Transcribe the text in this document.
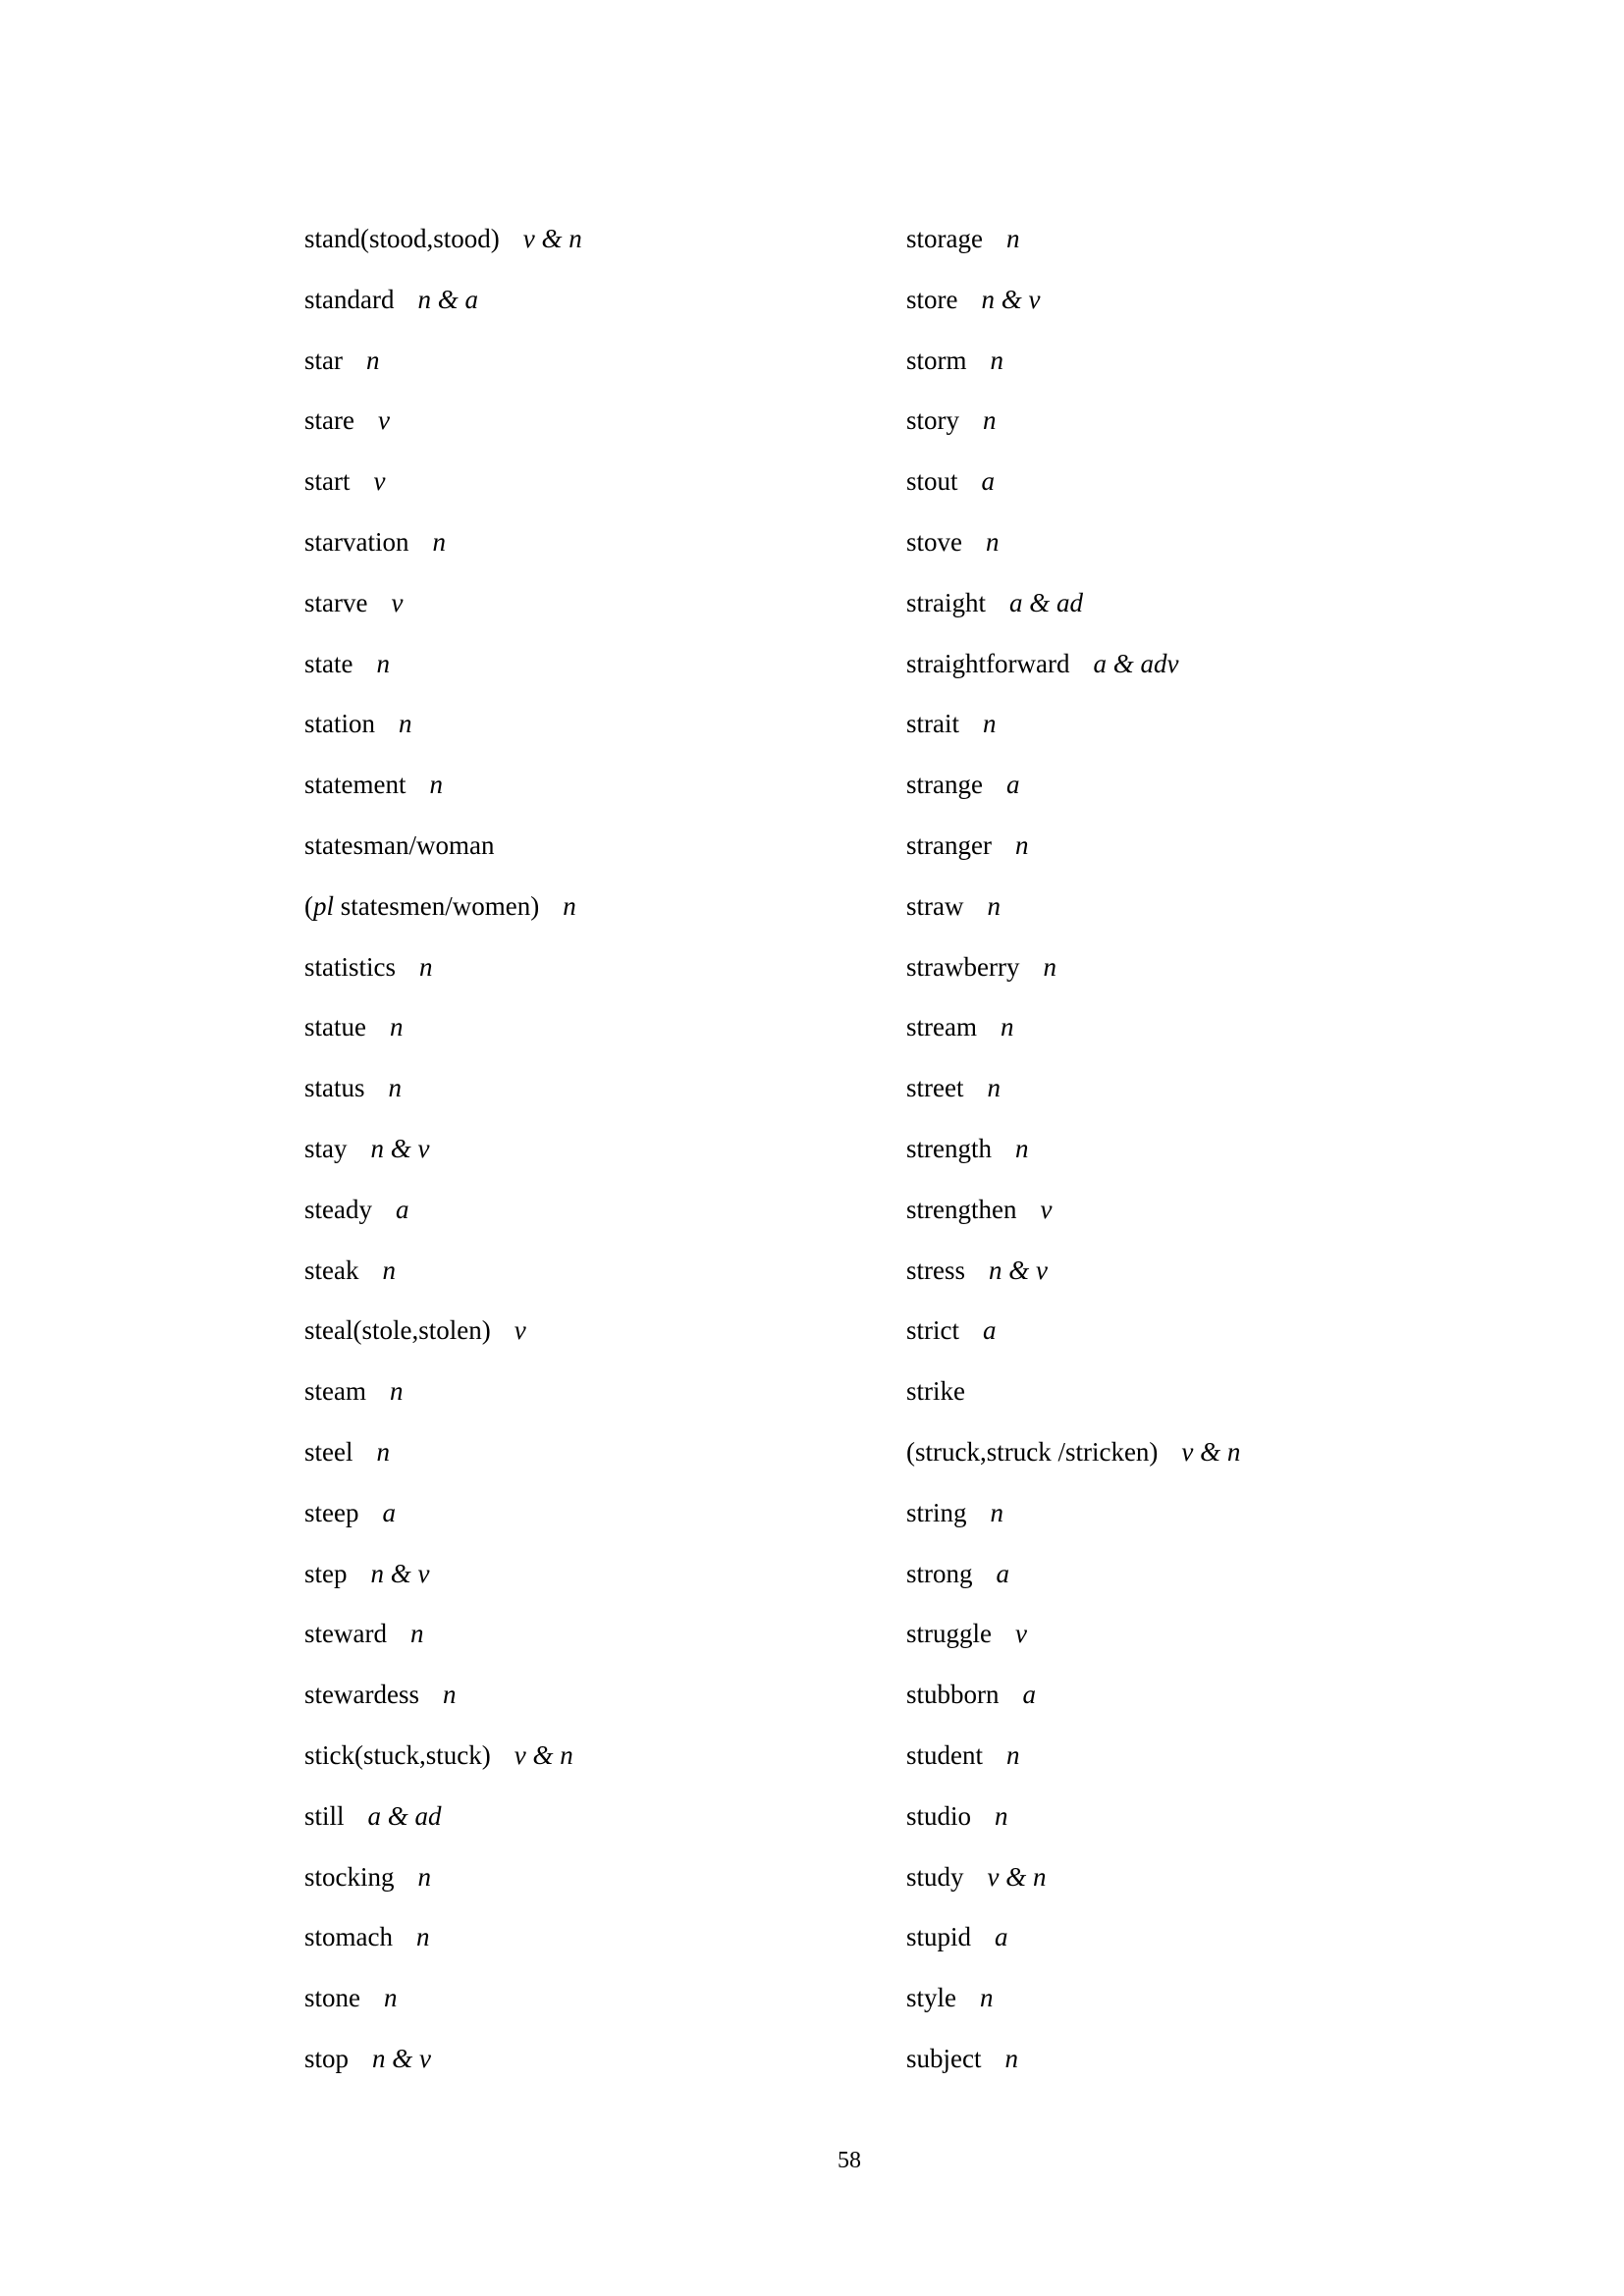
stand(stood,stood) v & n
standard n & a
star n
stare v
start v
starvation n
starve v
state n
station n
statement n
statesman/woman
(pl statesmen/women) n
statistics n
statue n
status n
stay n & v
steady a
steak n
steal(stole,stolen) v
steam n
steel n
steep a
step n & v
steward n
stewardess n
stick(stuck,stuck) v & n
still a & ad
stocking n
stomach n
stone n
stop n & v
storage n
store n & v
storm n
story n
stout a
stove n
straight a & ad
straightforward a & adv
strait n
strange a
stranger n
straw n
strawberry n
stream n
street n
strength n
strengthen v
stress n & v
strict a
strike
(struck,struck /stricken) v & n
string n
strong a
struggle v
stubborn a
student n
studio n
study v & n
stupid a
style n
subject n
58
